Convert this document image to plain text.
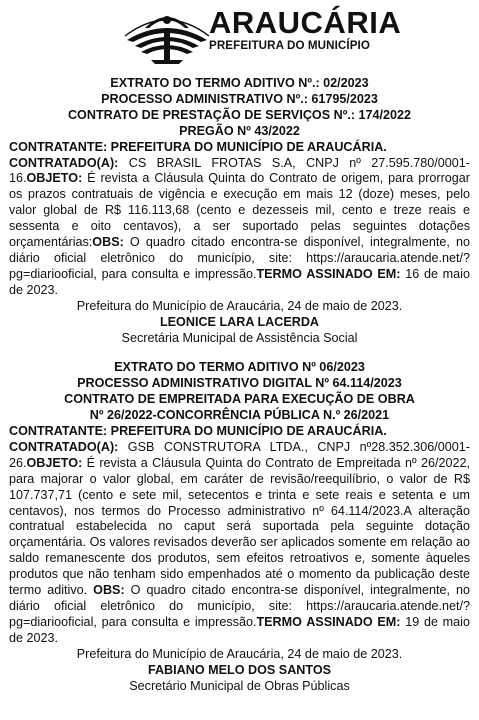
ARAUCÁRIA
PREFEITURA DO MUNICÍPIO

EXTRATO DO TERMO ADITIVO Nº.: 02/2023

PROCESSO ADMINISTRATIVO Nº.: 61795/2023

CONTRATO DE PRESTAÇÃO DE SERVIÇOS Nº.: 174/2022

PREGÃO Nº 43/2022

CONTRATANTE: PREFEITURA DO MUNICÍPIO DE ARAUCÁRIA.

CONTRATADO(A): CS BRASIL FROTAS S.A, CNPJ nº 27.595.780/0001-16.OBJETO: É revista a Cláusula Quinta do Contrato de origem, para prorrogar os prazos contratuais de vigência e execução em mais 12 (doze) meses, pelo valor global de R$ 116.113,68 (cento e dezesseis mil, cento e treze reais e sessenta e oito centavos), a ser suportado pelas seguintes dotações orçamentárias:OBS: O quadro citado encontra-se disponível, integralmente, no diário oficial eletrônico do município, site: https://araucaria.atende.net/?pg=diariooficial, para consulta e impressão.TERMO ASSINADO EM: 16 de maio de 2023.

Prefeitura do Município de Araucária, 24 de maio de 2023.

LEONICE LARA LACERDA

Secretária Municipal de Assistência Social

EXTRATO DO TERMO ADITIVO Nº 06/2023

PROCESSO ADMINISTRATIVO DIGITAL Nº 64.114/2023

CONTRATO DE EMPREITADA PARA EXECUÇÃO DE OBRA

Nº 26/2022-CONCORRÊNCIA PÚBLICA N.º 26/2021

CONTRATANTE: PREFEITURA DO MUNICÍPIO DE ARAUCÁRIA.

CONTRATADO(A): GSB CONSTRUTORA LTDA., CNPJ nº28.352.306/0001-26.OBJETO: É revista a Cláusula Quinta do Contrato de Empreitada nº 26/2022, para majorar o valor global, em caráter de revisão/reequilíbrio, o valor de R$ 107.737,71 (cento e sete mil, setecentos e trinta e sete reais e setenta e um centavos), nos termos do Processo administrativo nº 64.114/2023.A alteração contratual estabelecida no caput será suportada pela seguinte dotação orçamentária. Os valores revisados deverão ser aplicados somente em relação ao saldo remanescente dos produtos, sem efeitos retroativos e, somente àqueles produtos que não tenham sido empenhados até o momento da publicação deste termo aditivo. OBS: O quadro citado encontra-se disponível, integralmente, no diário oficial eletrônico do município, site: https://araucaria.atende.net/?pg=diariooficial, para consulta e impressão.TERMO ASSINADO EM: 19 de maio de 2023.

Prefeitura do Município de Araucária, 24 de maio de 2023.

FABIANO MELO DOS SANTOS

Secretário Municipal de Obras Públicas
